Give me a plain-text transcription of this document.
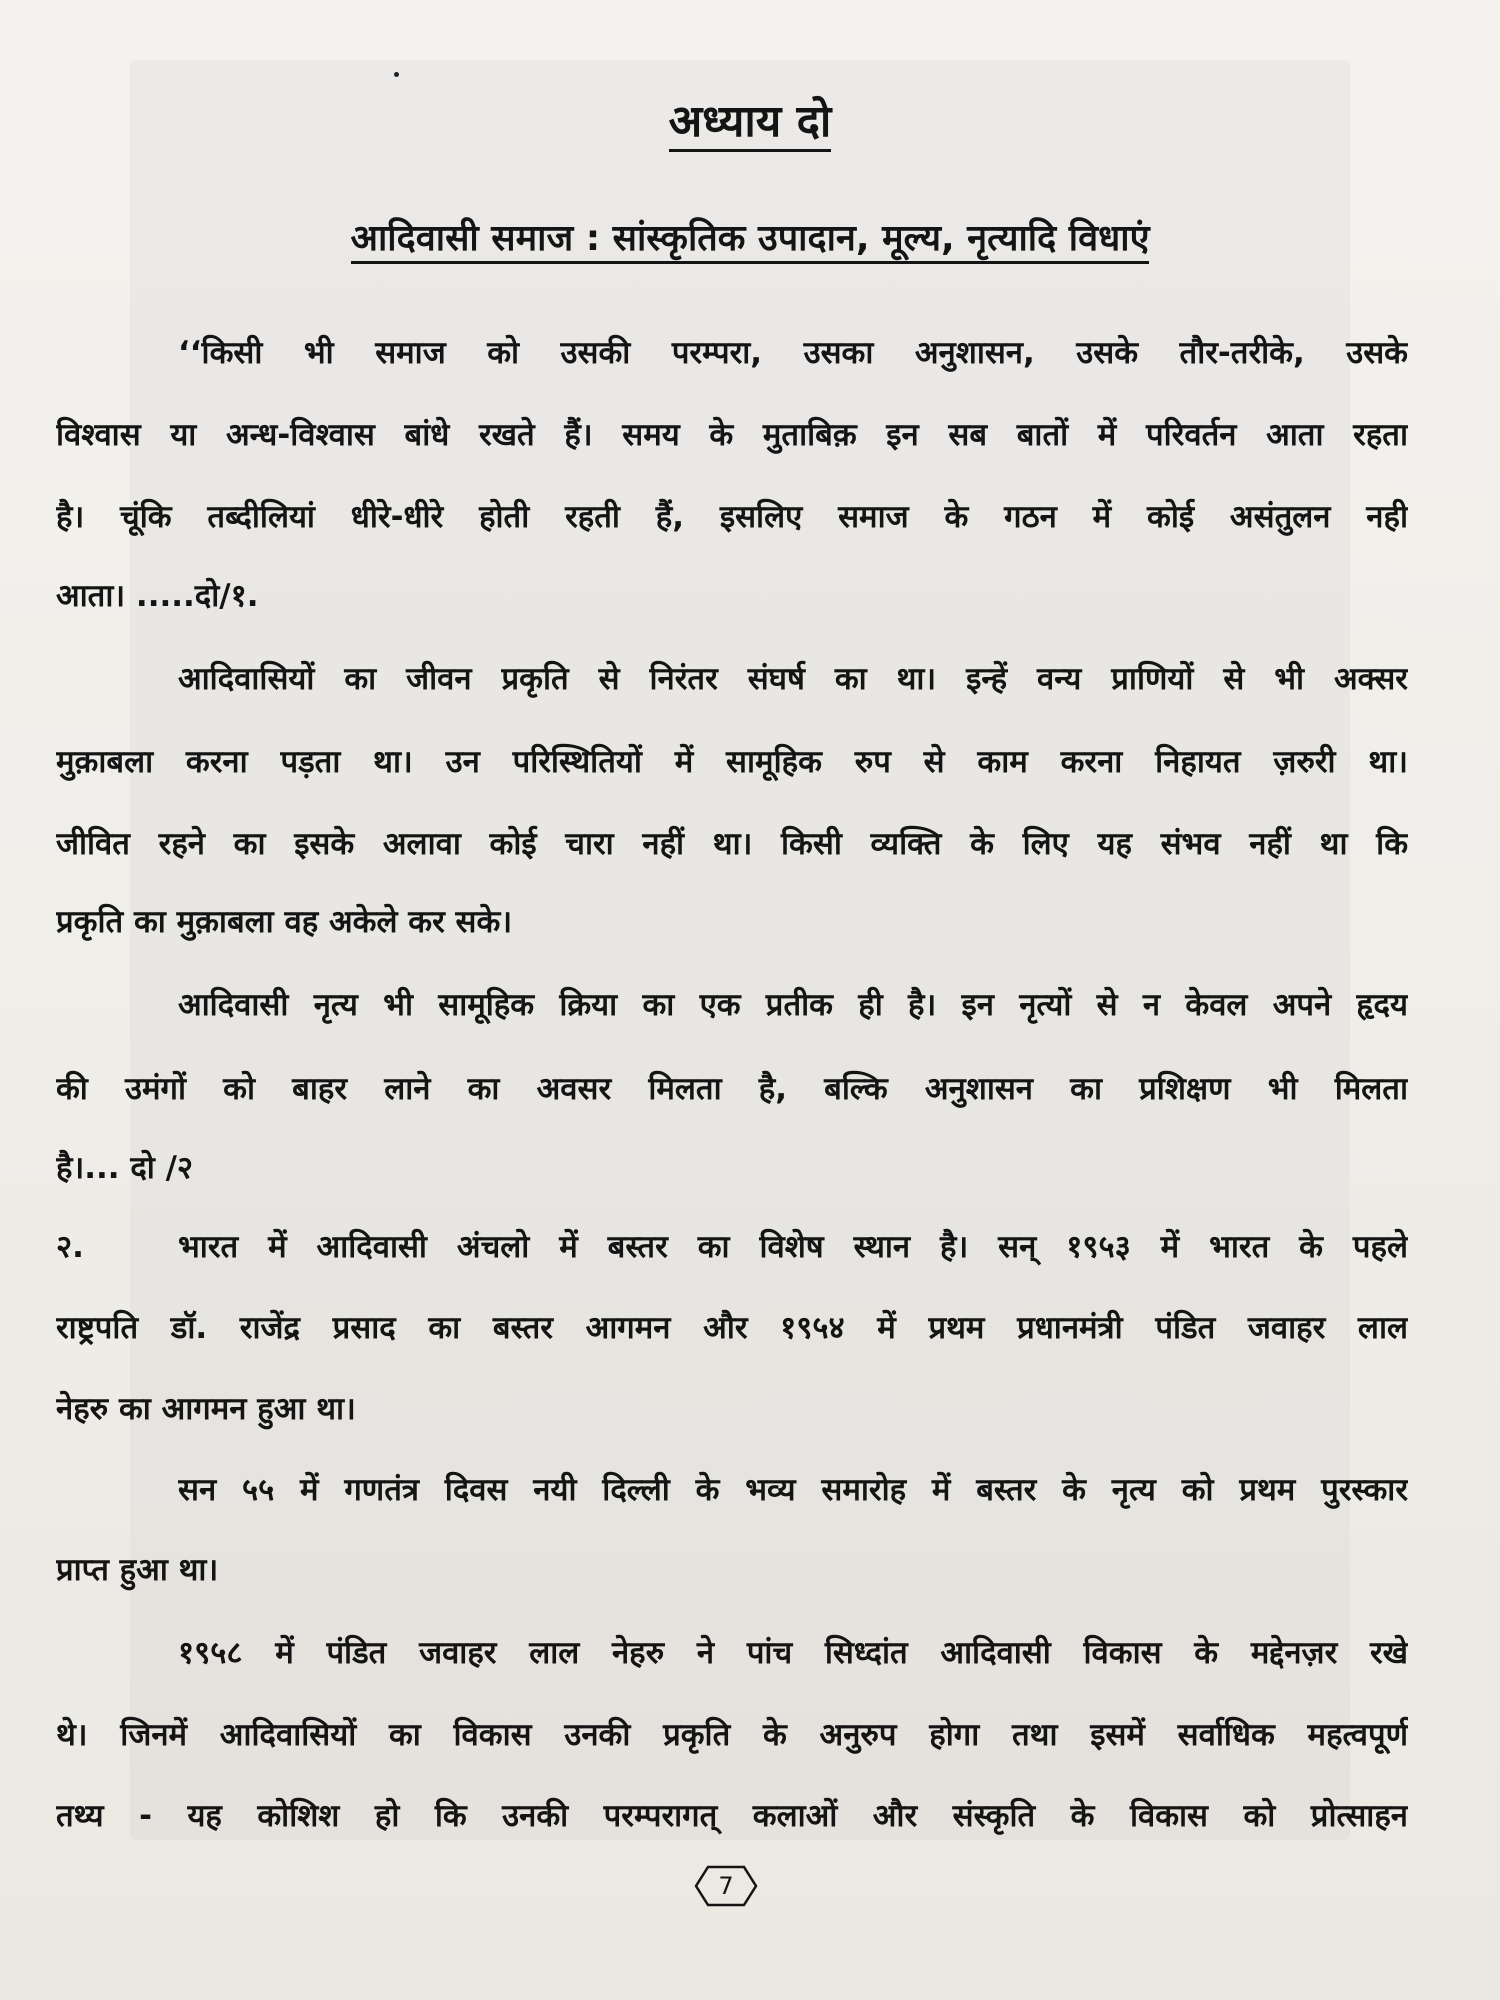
अध्याय दो
आदिवासी समाज : सांस्कृतिक उपादान, मूल्य, नृत्यादि विधाएं
‘‘किसी भी समाज को उसकी परम्परा, उसका अनुशासन, उसके तौर-तरीके, उसके
विश्वास या अन्ध-विश्वास बांधे रखते हैं। समय के मुताबिक़ इन सब बातों में परिवर्तन आता रहता
है। चूंकि तब्दीलियां धीरे-धीरे होती रहती हैं, इसलिए समाज के गठन में कोई असंतुलन नही
आता। .....दो/१.
आदिवासियों का जीवन प्रकृति से निरंतर संघर्ष का था। इन्हें वन्य प्राणियों से भी अक्सर
मुक़ाबला करना पड़ता था। उन परिस्थितियों में सामूहिक रुप से काम करना निहायत ज़रुरी था।
जीवित रहने का इसके अलावा कोई चारा नहीं था। किसी व्यक्ति के लिए यह संभव नहीं था कि
प्रकृति का मुक़ाबला वह अकेले कर सके।
आदिवासी नृत्य भी सामूहिक क्रिया का एक प्रतीक ही है। इन नृत्यों से न केवल अपने हृदय
की उमंगों को बाहर लाने का अवसर मिलता है, बल्कि अनुशासन का प्रशिक्षण भी मिलता
है।... दो /२
२.	भारत में आदिवासी अंचलो में बस्तर का विशेष स्थान है। सन् १९५३ में भारत के पहले
राष्ट्रपति डॉ. राजेंद्र प्रसाद का बस्तर आगमन और १९५४ में प्रथम प्रधानमंत्री पंडित जवाहर लाल
नेहरु का आगमन हुआ था।
सन ५५ में गणतंत्र दिवस नयी दिल्ली के भव्य समारोह में बस्तर के नृत्य को प्रथम पुरस्कार
प्राप्त हुआ था।
१९५८ में पंडित जवाहर लाल नेहरु ने पांच सिध्दांत आदिवासी विकास के मद्देनज़र रखे
थे। जिनमें आदिवासियों का विकास उनकी प्रकृति के अनुरुप होगा तथा इसमें सर्वाधिक महत्वपूर्ण
तथ्य - यह कोशिश हो कि उनकी परम्परागत् कलाओं और संस्कृति के विकास को प्रोत्साहन
7
